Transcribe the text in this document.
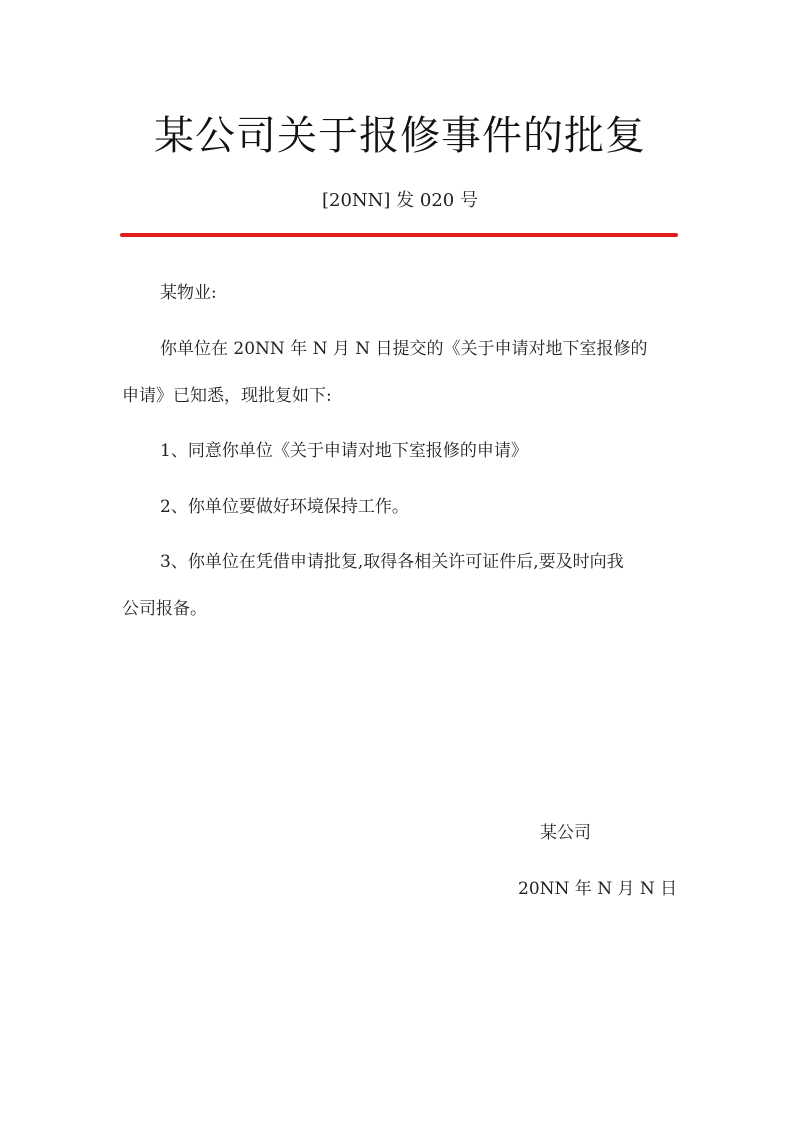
某公司关于报修事件的批复
[20NN] 发 020 号
某物业:
你单位在 20NN 年 N 月 N 日提交的《关于申请对地下室报修的
申请》已知悉，现批复如下:
1、同意你单位《关于申请对地下室报修的申请》
2、你单位要做好环境保持工作。
3、你单位在凭借申请批复,取得各相关许可证件后,要及时向我
公司报备。
某公司
20NN 年 N 月 N 日
